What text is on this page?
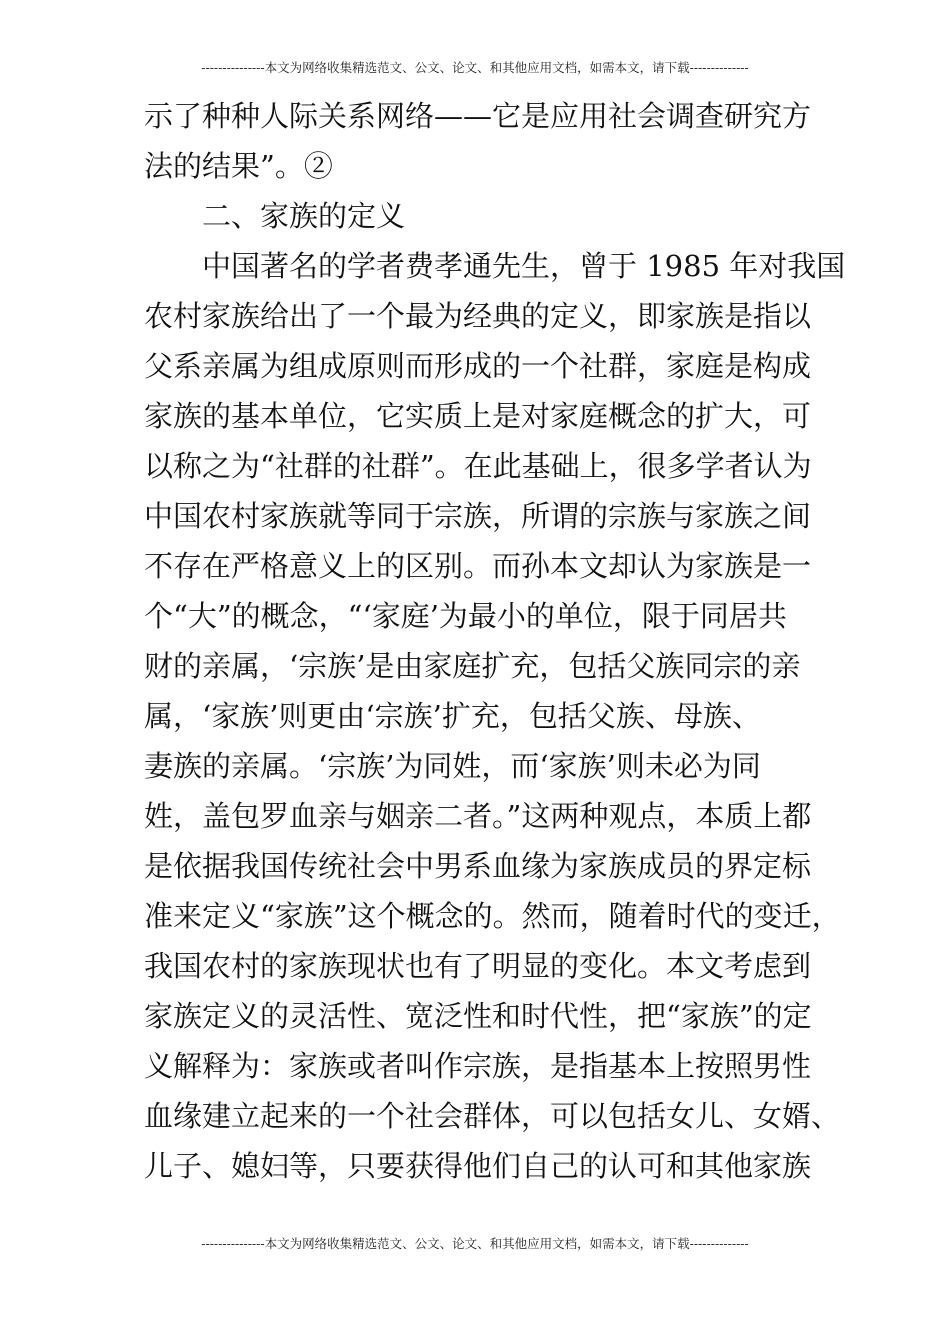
---------------本文为网络收集精选范文、公文、论文、和其他应用文档，如需本文，请下载--------------
示了种种人际关系网络——它是应用社会调查研究方
法的结果”。②
二、家族的定义
中国著名的学者费孝通先生，曾于 1985 年对我国
农村家族给出了一个最为经典的定义，即家族是指以
父系亲属为组成原则而形成的一个社群，家庭是构成
家族的基本单位，它实质上是对家庭概念的扩大，可
以称之为“社群的社群”。在此基础上，很多学者认为
中国农村家族就等同于宗族，所谓的宗族与家族之间
不存在严格意义上的区别。而孙本文却认为家族是一
个“大”的概念，“‘家庭’为最小的单位，限于同居共
财的亲属，‘宗族’是由家庭扩充，包括父族同宗的亲
属，‘家族’则更由‘宗族’扩充，包括父族、母族、
妻族的亲属。‘宗族’为同姓，而‘家族’则未必为同
姓，盖包罗血亲与姻亲二者。”这两种观点，本质上都
是依据我国传统社会中男系血缘为家族成员的界定标
准来定义“家族”这个概念的。然而，随着时代的变迁，
我国农村的家族现状也有了明显的变化。本文考虑到
家族定义的灵活性、宽泛性和时代性，把“家族”的定
义解释为：家族或者叫作宗族，是指基本上按照男性
血缘建立起来的一个社会群体，可以包括女儿、女婿、
儿子、媳妇等，只要获得他们自己的认可和其他家族
---------------本文为网络收集精选范文、公文、论文、和其他应用文档，如需本文，请下载--------------
